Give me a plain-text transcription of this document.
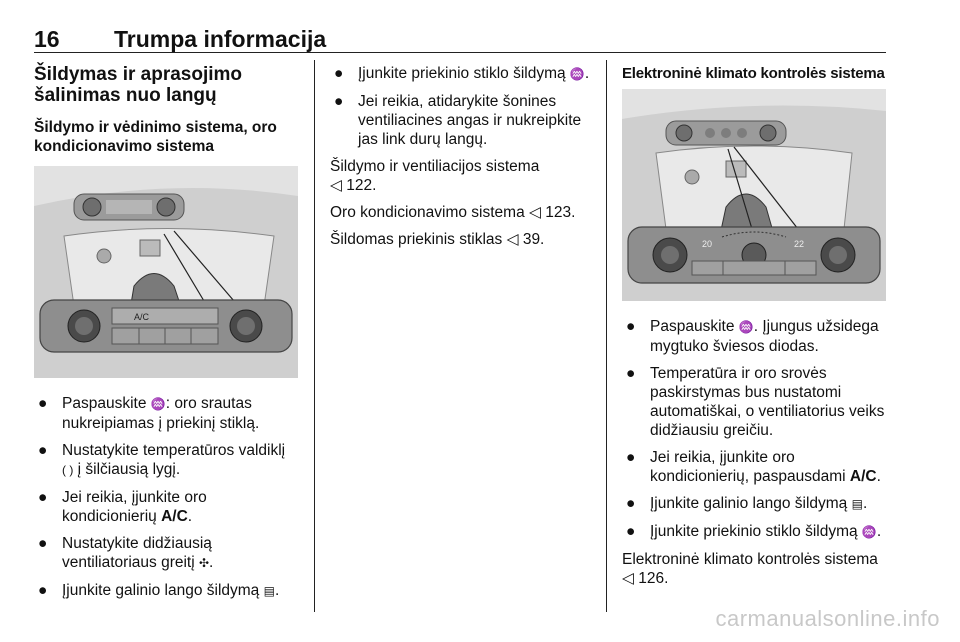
16 Trumpa informacija
Šildymas ir aprasojimo šalinimas nuo langų
Šildymo ir vėdinimo sistema, oro kondicionavimo sistema
A/C
● Paspauskite ♒: oro srautas nukreipiamas į priekinį stiklą.
● Nustatykite temperatūros valdiklį ( ) į šilčiausią lygį.
● Jei reikia, įjunkite oro kondicionierių A/C.
● Nustatykite didžiausią ventiliatoriaus greitį ✣.
● Įjunkite galinio lango šildymą ▤.
● Įjunkite priekinio stiklo šildymą ♒.
● Jei reikia, atidarykite šonines ventiliacines angas ir nukreipkite jas link durų langų.

Šildymo ir ventiliacijos sistema
◁ 122.

Oro kondicionavimo sistema ◁ 123.

Šildomas priekinis stiklas ◁ 39.

Elektroninė klimato kontrolės sistema
20	22
● Paspauskite ♒. Įjungus užsidega mygtuko šviesos diodas.
● Temperatūra ir oro srovės paskirstymas bus nustatomi automatiškai, o ventiliatorius veiks didžiausiu greičiu.
● Jei reikia, įjunkite oro kondicionierių, paspausdami A/C.
● Įjunkite galinio lango šildymą ▤.
● Įjunkite priekinio stiklo šildymą ♒.

Elektroninė klimato kontrolės sistema
◁ 126.

carmanualsonline.info
